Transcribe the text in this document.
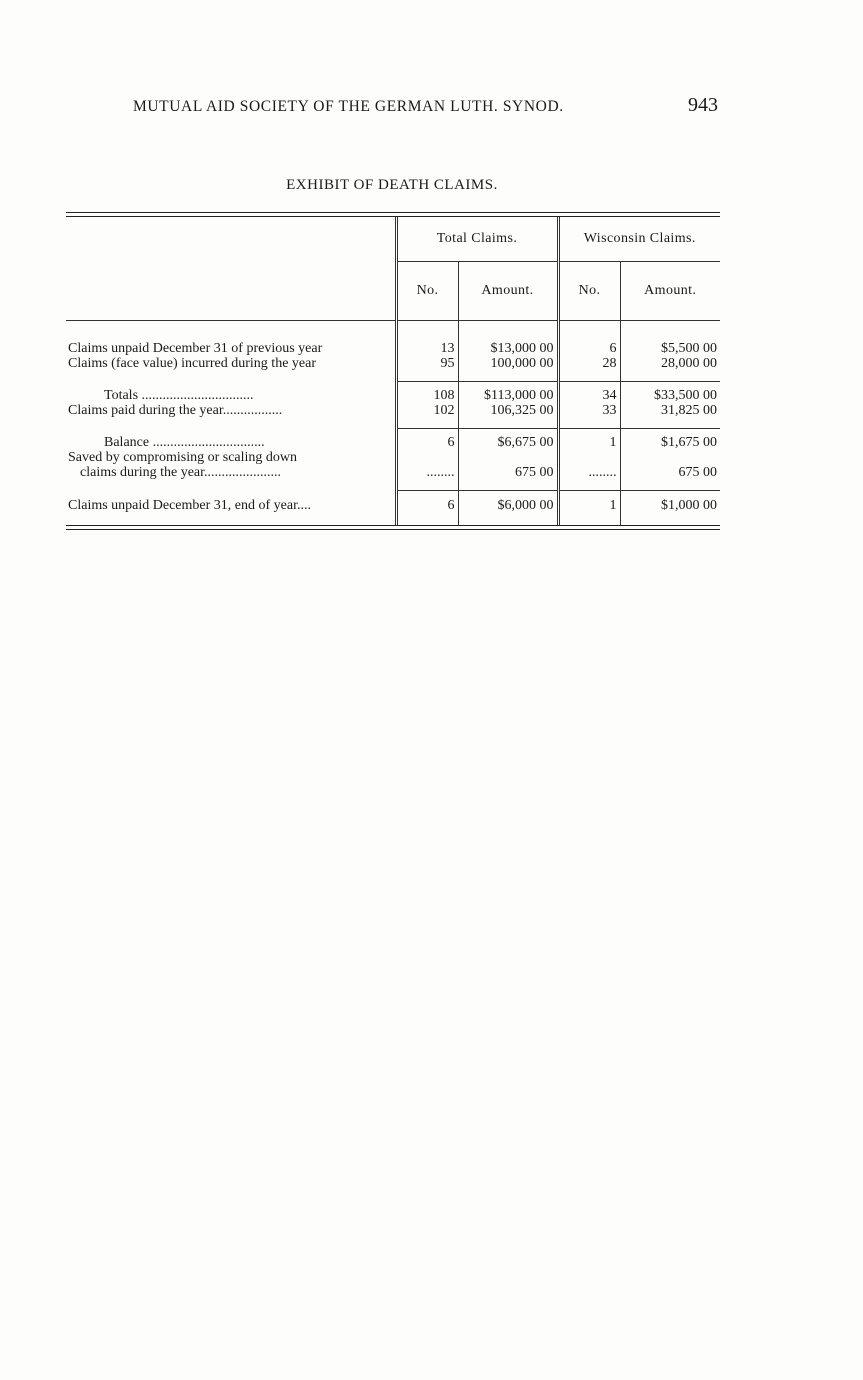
MUTUAL AID SOCIETY OF THE GERMAN LUTH. SYNOD.	943
EXHIBIT OF DEATH CLAIMS.
	Total Claims.		Wisconsin Claims.	
	No.	Amount.	No.	Amount.

Claims unpaid December 31 of previous year	13	$13,000 00	6	$5,500 00
Claims (face value) incurred during the year	95	100,000 00	28	28,000 00
Totals ................................	108	$113,000 00	34	$33,500 00
Claims paid during the year.................	102	106,325 00	33	31,825 00
Balance ................................	6	$6,675 00	1	$1,675 00
Saved by compromising or scaling down				
claims during the year......................	........	675 00	........	675 00
Claims unpaid December 31, end of year....	6	$6,000 00	1	$1,000 00
